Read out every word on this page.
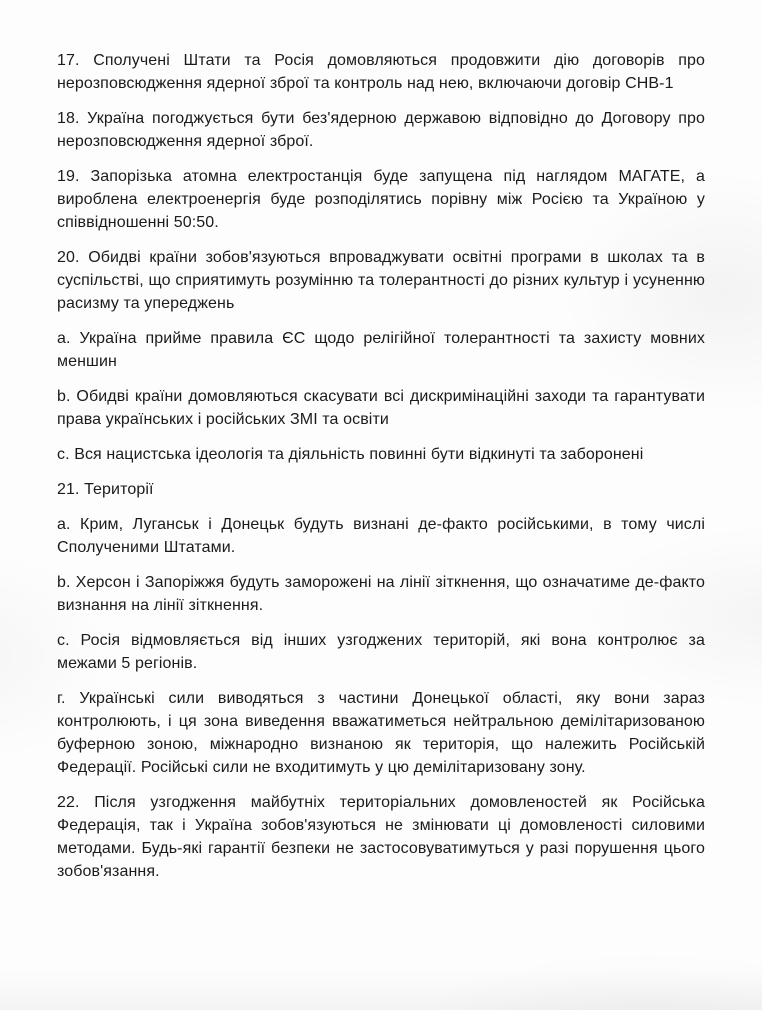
17. Сполучені Штати та Росія домовляються продовжити дію договорів про нерозповсюдження ядерної зброї та контроль над нею, включаючи договір СНВ-1

18. Україна погоджується бути без'ядерною державою відповідно до Договору про нерозповсюдження ядерної зброї.

19. Запорізька атомна електростанція буде запущена під наглядом МАГАТЕ, а вироблена електроенергія буде розподілятись порівну між Росією та Україною у співвідношенні 50:50.

20. Обидві країни зобов'язуються впроваджувати освітні програми в школах та в суспільстві, що сприятимуть розумінню та толерантності до різних культур і усуненню расизму та упереджень

a. Україна прийме правила ЄС щодо релігійної толерантності та захисту мовних меншин

b. Обидві країни домовляються скасувати всі дискримінаційні заходи та гарантувати права українських і російських ЗМІ та освіти

c. Вся нацистська ідеологія та діяльність повинні бути відкинуті та заборонені

21. Території

a. Крим, Луганськ і Донецьк будуть визнані де-факто російськими, в тому числі Сполученими Штатами.

b. Херсон і Запоріжжя будуть заморожені на лінії зіткнення, що означатиме де-факто визнання на лінії зіткнення.

c. Росія відмовляється від інших узгоджених територій, які вона контролює за межами 5 регіонів.

г. Українські сили виводяться з частини Донецької області, яку вони зараз контролюють, і ця зона виведення вважатиметься нейтральною демілітаризованою буферною зоною, міжнародно визнаною як територія, що належить Російській Федерації. Російські сили не входитимуть у цю демілітаризовану зону.

22. Після узгодження майбутніх територіальних домовленостей як Російська Федерація, так і Україна зобов'язуються не змінювати ці домовленості силовими методами. Будь-які гарантії безпеки не застосовуватимуться у разі порушення цього зобов'язання.
